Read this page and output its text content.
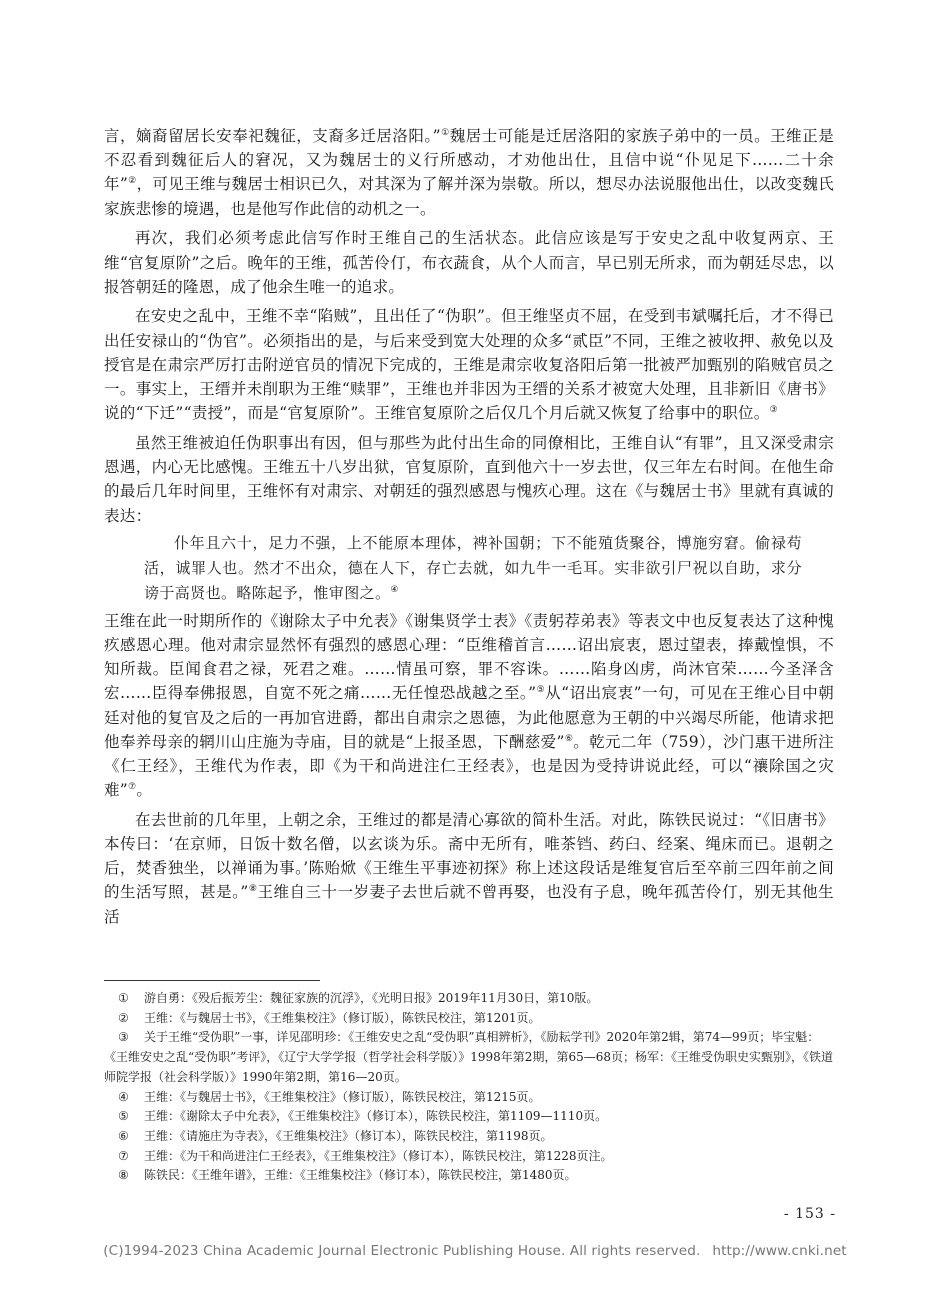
言，嫡裔留居长安奉祀魏征，支裔多迁居洛阳。”①魏居士可能是迁居洛阳的家族子弟中的一员。王维正是不忍看到魏征后人的窘况，又为魏居士的义行所感动，才劝他出仕，且信中说“仆见足下……二十余年”②，可见王维与魏居士相识已久，对其深为了解并深为崇敬。所以，想尽办法说服他出仕，以改变魏氏家族悲惨的境遇，也是他写作此信的动机之一。

再次，我们必须考虑此信写作时王维自己的生活状态。此信应该是写于安史之乱中收复两京、王维“官复原阶”之后。晚年的王维，孤苦伶仃，布衣蔬食，从个人而言，早已别无所求，而为朝廷尽忠，以报答朝廷的隆恩，成了他余生唯一的追求。

在安史之乱中，王维不幸“陷贼”，且出任了“伪职”。但王维坚贞不屈，在受到韦斌嘱托后，才不得已出任安禄山的“伪官”。必须指出的是，与后来受到宽大处理的众多“贰臣”不同，王维之被收押、赦免以及授官是在肃宗严厉打击附逆官员的情况下完成的，王维是肃宗收复洛阳后第一批被严加甄别的陷贼官员之一。事实上，王缙并未削职为王维“赎罪”，王维也并非因为王缙的关系才被宽大处理，且非新旧《唐书》说的“下迁”“责授”，而是“官复原阶”。王维官复原阶之后仅几个月后就又恢复了给事中的职位。③

虽然王维被迫任伪职事出有因，但与那些为此付出生命的同僚相比，王维自认“有罪”，且又深受肃宗恩遇，内心无比感愧。王维五十八岁出狱，官复原阶，直到他六十一岁去世，仅三年左右时间。在他生命的最后几年时间里，王维怀有对肃宗、对朝廷的强烈感恩与愧疚心理。这在《与魏居士书》里就有真诚的表达：

仆年且六十，足力不强，上不能原本理体，裨补国朝；下不能殖货聚谷，博施穷窘。偷禄苟活，诚罪人也。然才不出众，德在人下，存亡去就，如九牛一毛耳。实非欲引尸祝以自助，求分谤于高贤也。略陈起予，惟审图之。④

王维在此一时期所作的《谢除太子中允表》《谢集贤学士表》《责躬荐弟表》等表文中也反复表达了这种愧疚感恩心理。他对肃宗显然怀有强烈的感恩心理：“臣维稽首言……诏出宸衷，恩过望表，捧戴惶惧，不知所裁。臣闻食君之禄，死君之难。……情虽可察，罪不容诛。……陷身凶虏，尚沐官荣……今圣泽含宏……臣得奉佛报恩，自宽不死之痛……无任惶恐战越之至。”⑤从“诏出宸衷”一句，可见在王维心目中朝廷对他的复官及之后的一再加官进爵，都出自肃宗之恩德，为此他愿意为王朝的中兴竭尽所能，他请求把他奉养母亲的辋川山庄施为寺庙，目的就是“上报圣恩，下酬慈爱”⑥。乾元二年（759），沙门惠干进所注《仁王经》，王维代为作表，即《为干和尚进注仁王经表》，也是因为受持讲说此经，可以“禳除国之灾难”⑦。

在去世前的几年里，上朝之余，王维过的都是清心寡欲的简朴生活。对此，陈铁民说过：“《旧唐书》本传曰：‘在京师，日饭十数名僧，以玄谈为乐。斋中无所有，唯茶铛、药臼、经案、绳床而已。退朝之后，焚香独坐，以禅诵为事。’陈贻焮《王维生平事迹初探》称上述这段话是维复官后至卒前三四年前之间的生活写照，甚是。”⑧王维自三十一岁妻子去世后就不曾再娶，也没有子息，晚年孤苦伶仃，别无其他生活

①	游自勇：《殁后振芳尘：魏征家族的沉浮》，《光明日报》2019年11月30日，第10版。
②	王维：《与魏居士书》，《王维集校注》（修订版），陈铁民校注，第1201页。
③ 关于王维“受伪职”一事，详见邵明珍：《王维安史之乱“受伪职”真相辨析》，《励耘学刊》2020年第2辑，第74—99页；毕宝魁：《王维安史之乱“受伪职”考评》，《辽宁大学学报（哲学社会科学版）》1998年第2期，第65—68页；杨军：《王维受伪职史实甄别》，《铁道师院学报（社会科学版）》1990年第2期，第16—20页。
④	王维：《与魏居士书》，《王维集校注》（修订版），陈铁民校注，第1215页。
⑤	王维：《谢除太子中允表》，《王维集校注》（修订本），陈铁民校注，第1109—1110页。
⑥	王维：《请施庄为寺表》，《王维集校注》（修订本），陈铁民校注，第1198页。
⑦	王维：《为干和尚进注仁王经表》，《王维集校注》（修订本），陈铁民校注，第1228页注。
⑧	陈铁民：《王维年谱》，王维：《王维集校注》（修订本），陈铁民校注，第1480页。
- 153 -
(C)1994-2023 China Academic Journal Electronic Publishing House. All rights reserved. http://www.cnki.net
